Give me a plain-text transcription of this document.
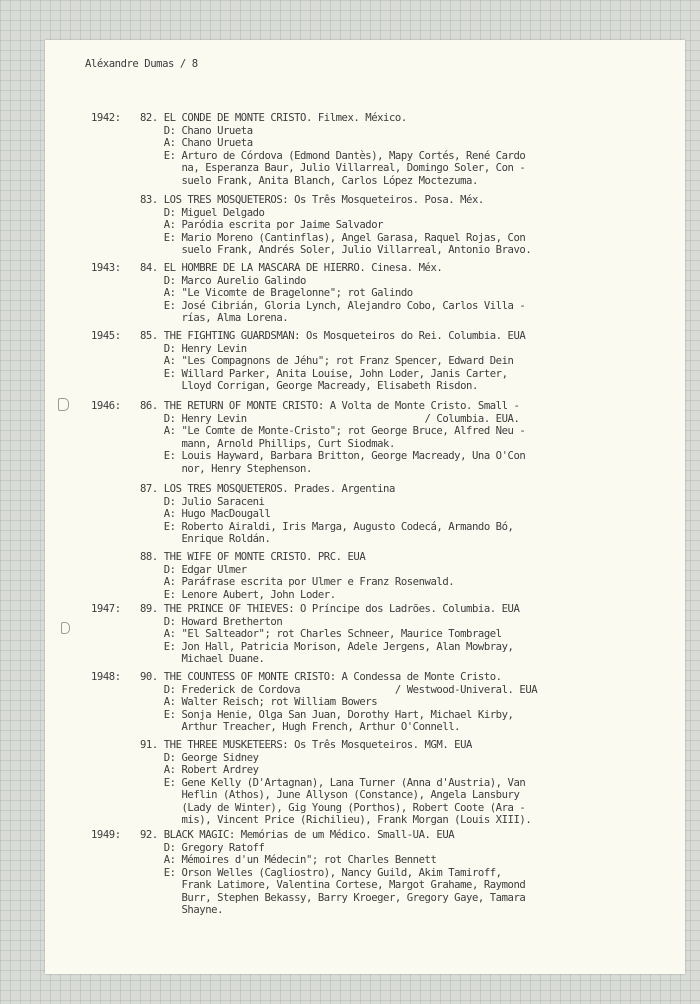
Aléxandre Dumas / 8
1942:
1943:
1945:
1946:
1947:
1948:
1949:
82. EL CONDE DE MONTE CRISTO. Filmex. México.
D: Chano Urueta
A: Chano Urueta
E: Arturo de Córdova (Edmond Dantès), Mapy Cortés, René Cardo
na, Esperanza Baur, Julio Villarreal, Domingo Soler, Con -
suelo Frank, Anita Blanch, Carlos López Moctezuma.
83. LOS TRES MOSQUETEROS: Os Três Mosqueteiros. Posa. Méx.
D: Miguel Delgado
A: Paródia escrita por Jaime Salvador
E: Mario Moreno (Cantinflas), Angel Garasa, Raquel Rojas, Con
suelo Frank, Andrés Soler, Julio Villarreal, Antonio Bravo.
84. EL HOMBRE DE LA MASCARA DE HIERRO. Cinesa. Méx.
D: Marco Aurelio Galindo
A: "Le Vicomte de Bragelonne"; rot Galindo
E: José Cibrián, Gloria Lynch, Alejandro Cobo, Carlos Villa -
rías, Alma Lorena.
85. THE FIGHTING GUARDSMAN: Os Mosqueteiros do Rei. Columbia. EUA
D: Henry Levin
A: "Les Compagnons de Jéhu"; rot Franz Spencer, Edward Dein
E: Willard Parker, Anita Louise, John Loder, Janis Carter,
Lloyd Corrigan, George Macready, Elisabeth Risdon.
86. THE RETURN OF MONTE CRISTO: A Volta de Monte Cristo. Small -
D: Henry Levin                              / Columbia. EUA.
A: "Le Comte de Monte-Cristo"; rot George Bruce, Alfred Neu -
mann, Arnold Phillips, Curt Siodmak.
E: Louis Hayward, Barbara Britton, George Macready, Una O'Con
nor, Henry Stephenson.
87. LOS TRES MOSQUETEROS. Prades. Argentina
D: Julio Saraceni
A: Hugo MacDougall
E: Roberto Airaldi, Iris Marga, Augusto Codecá, Armando Bó,
Enrique Roldán.
88. THE WIFE OF MONTE CRISTO. PRC. EUA
D: Edgar Ulmer
A: Paráfrase escrita por Ulmer e Franz Rosenwald.
E: Lenore Aubert, John Loder.
89. THE PRINCE OF THIEVES: O Príncipe dos Ladrões. Columbia. EUA
D: Howard Bretherton
A: "El Salteador"; rot Charles Schneer, Maurice Tombragel
E: Jon Hall, Patricia Morison, Adele Jergens, Alan Mowbray,
Michael Duane.
90. THE COUNTESS OF MONTE CRISTO: A Condessa de Monte Cristo.
D: Frederick de Cordova                / Westwood-Univeral. EUA
A: Walter Reisch; rot William Bowers
E: Sonja Henie, Olga San Juan, Dorothy Hart, Michael Kirby,
Arthur Treacher, Hugh French, Arthur O'Connell.
91. THE THREE MUSKETEERS: Os Três Mosqueteiros. MGM. EUA
D: George Sidney
A: Robert Ardrey
E: Gene Kelly (D'Artagnan), Lana Turner (Anna d'Austria), Van
Heflin (Athos), June Allyson (Constance), Angela Lansbury
(Lady de Winter), Gig Young (Porthos), Robert Coote (Ara -
mis), Vincent Price (Richilieu), Frank Morgan (Louis XIII).
92. BLACK MAGIC: Memórias de um Médico. Small-UA. EUA
D: Gregory Ratoff
A: Mémoires d'un Médecin"; rot Charles Bennett
E: Orson Welles (Cagliostro), Nancy Guild, Akim Tamiroff,
Frank Latimore, Valentina Cortese, Margot Grahame, Raymond
Burr, Stephen Bekassy, Barry Kroeger, Gregory Gaye, Tamara
Shayne.
